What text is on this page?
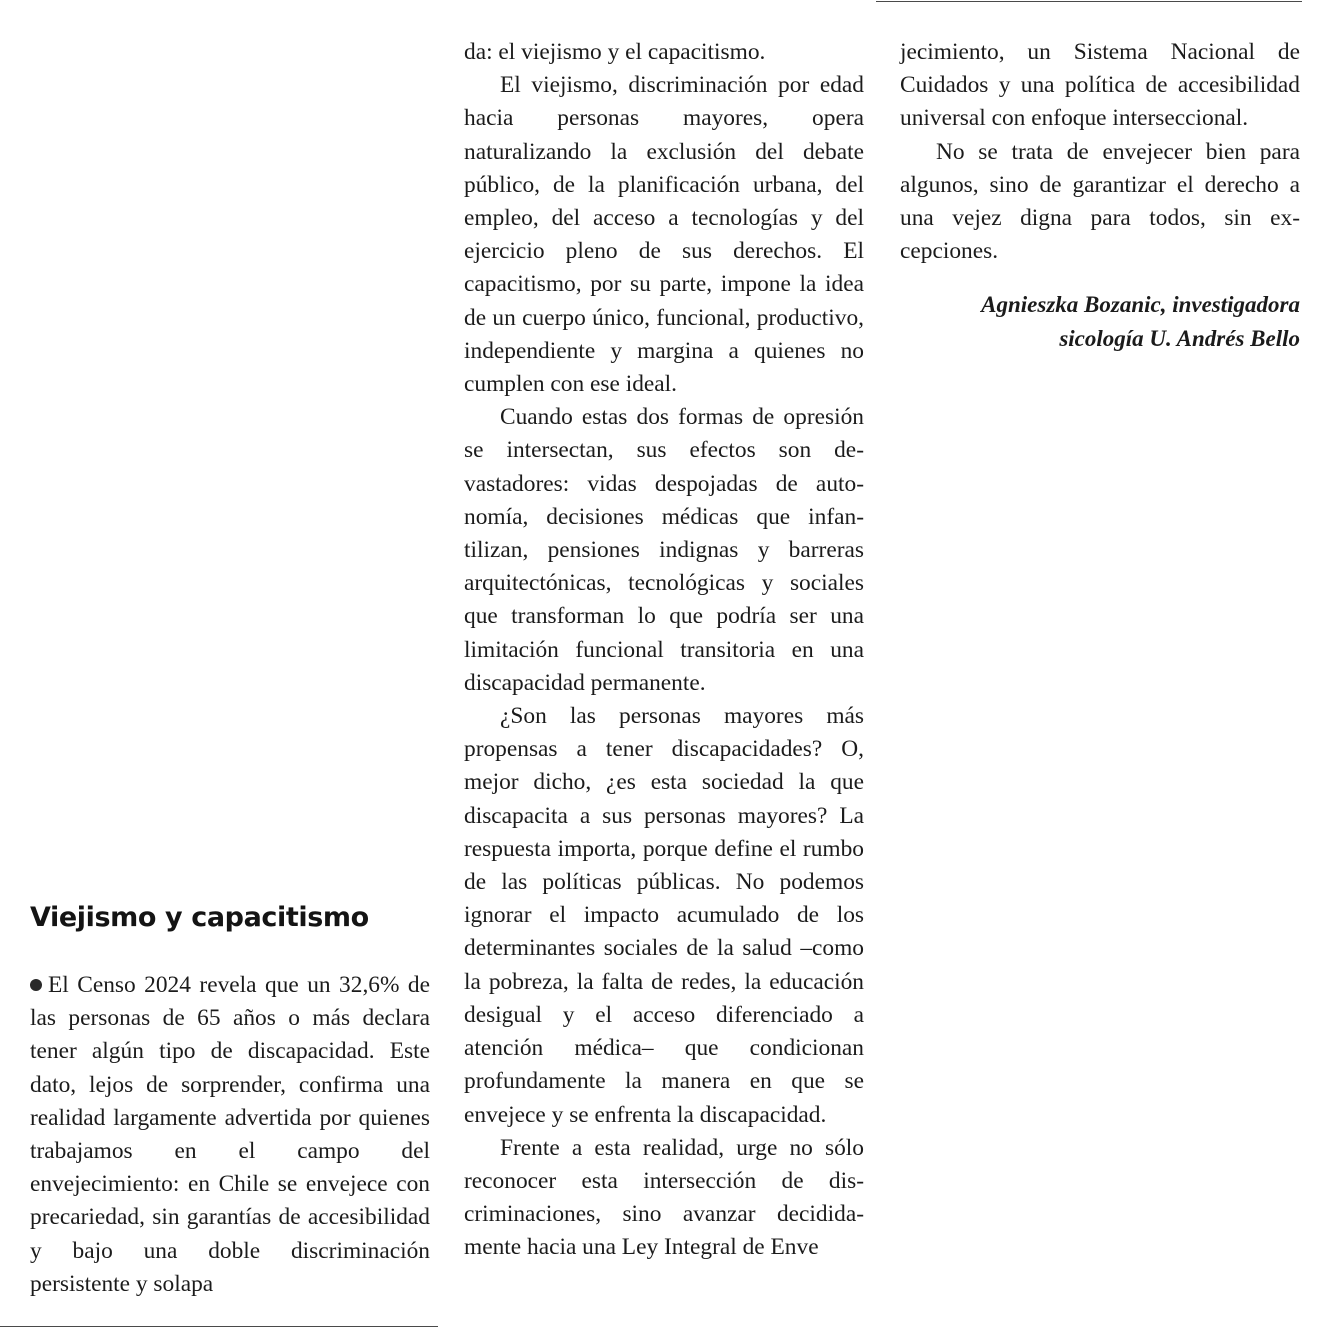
Viejismo y capacitismo

El Censo 2024 revela que un 32,6% de las personas de 65 años o más declara tener algún tipo de discapacidad. Este dato, lejos de sorprender, confirma una realidad largamente advertida por quienes trabajamos en el campo del envejecimiento: en Chile se envejece con precariedad, sin garantías de accesibilidad y bajo una doble discriminación persistente y solapa

da: el viejismo y el capacitismo.

El viejismo, discriminación por edad hacia personas mayores, opera naturalizando la exclusión del debate público, de la planificación urbana, del empleo, del acceso a tecnologías y del ejercicio pleno de sus derechos. El capacitismo, por su parte, impone la idea de un cuerpo único, funcional, productivo, independiente y margina a quienes no cumplen con ese ideal.

Cuando estas dos formas de opresión se intersectan, sus efectos son devastadores: vidas despojadas de autonomía, decisiones médicas que infantilizan, pensiones indignas y barreras arquitectónicas, tecnológicas y sociales que transforman lo que podría ser una limitación funcional transitoria en una discapacidad permanente.

¿Son las personas mayores más propensas a tener discapacidades? O, mejor dicho, ¿es esta sociedad la que discapacita a sus personas mayores? La respuesta importa, porque define el rumbo de las políticas públicas. No podemos ignorar el impacto acumulado de los determinantes sociales de la salud –como la pobreza, la falta de redes, la educación desigual y el acceso diferenciado a atención médica– que condicionan profundamente la manera en que se envejece y se enfrenta la discapacidad.

Frente a esta realidad, urge no sólo reconocer esta intersección de discriminaciones, sino avanzar decididamente hacia una Ley Integral de Enve

jecimiento, un Sistema Nacional de Cuidados y una política de accesibilidad universal con enfoque interseccional.

No se trata de envejecer bien para algunos, sino de garantizar el derecho a una vejez digna para todos, sin excepciones.

Agnieszka Bozanic, investigadora
sicología U. Andrés Bello
